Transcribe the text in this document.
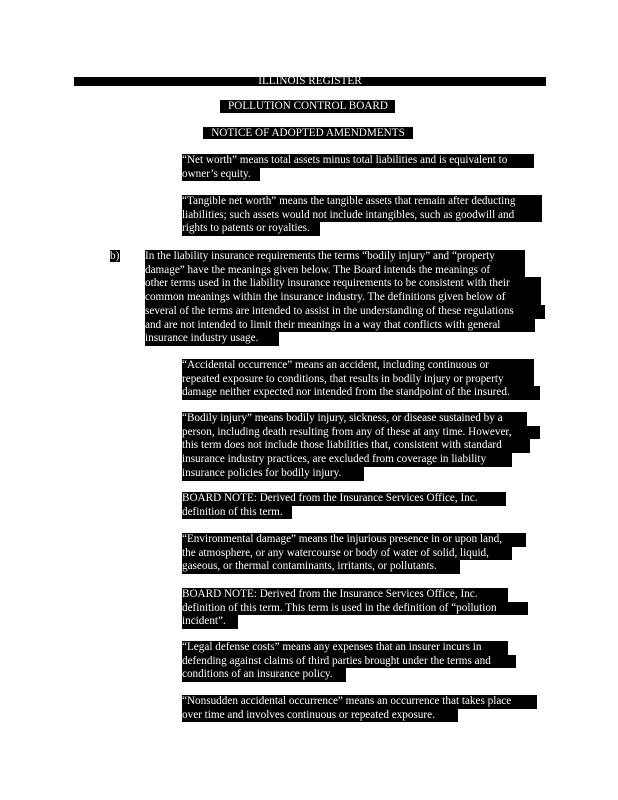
ILLINOIS REGISTER
POLLUTION CONTROL BOARD
NOTICE OF ADOPTED AMENDMENTS
“Net worth” means total assets minus total liabilities and is equivalent to
owner’s equity.
“Tangible net worth” means the tangible assets that remain after deducting
liabilities; such assets would not include intangibles, such as goodwill and
rights to patents or royalties.
b) In the liability insurance requirements the terms “bodily injury” and “property
damage” have the meanings given below. The Board intends the meanings of
other terms used in the liability insurance requirements to be consistent with their
common meanings within the insurance industry. The definitions given below of
several of the terms are intended to assist in the understanding of these regulations
and are not intended to limit their meanings in a way that conflicts with general
insurance industry usage.
“Accidental occurrence” means an accident, including continuous or
repeated exposure to conditions, that results in bodily injury or property
damage neither expected nor intended from the standpoint of the insured.
“Bodily injury” means bodily injury, sickness, or disease sustained by a
person, including death resulting from any of these at any time. However,
this term does not include those liabilities that, consistent with standard
insurance industry practices, are excluded from coverage in liability
insurance policies for bodily injury.
BOARD NOTE: Derived from the Insurance Services Office, Inc.
definition of this term.
“Environmental damage” means the injurious presence in or upon land,
the atmosphere, or any watercourse or body of water of solid, liquid,
gaseous, or thermal contaminants, irritants, or pollutants.
BOARD NOTE: Derived from the Insurance Services Office, Inc.
definition of this term. This term is used in the definition of “pollution
incident”.
“Legal defense costs” means any expenses that an insurer incurs in
defending against claims of third parties brought under the terms and
conditions of an insurance policy.
“Nonsudden accidental occurrence” means an occurrence that takes place
over time and involves continuous or repeated exposure.
